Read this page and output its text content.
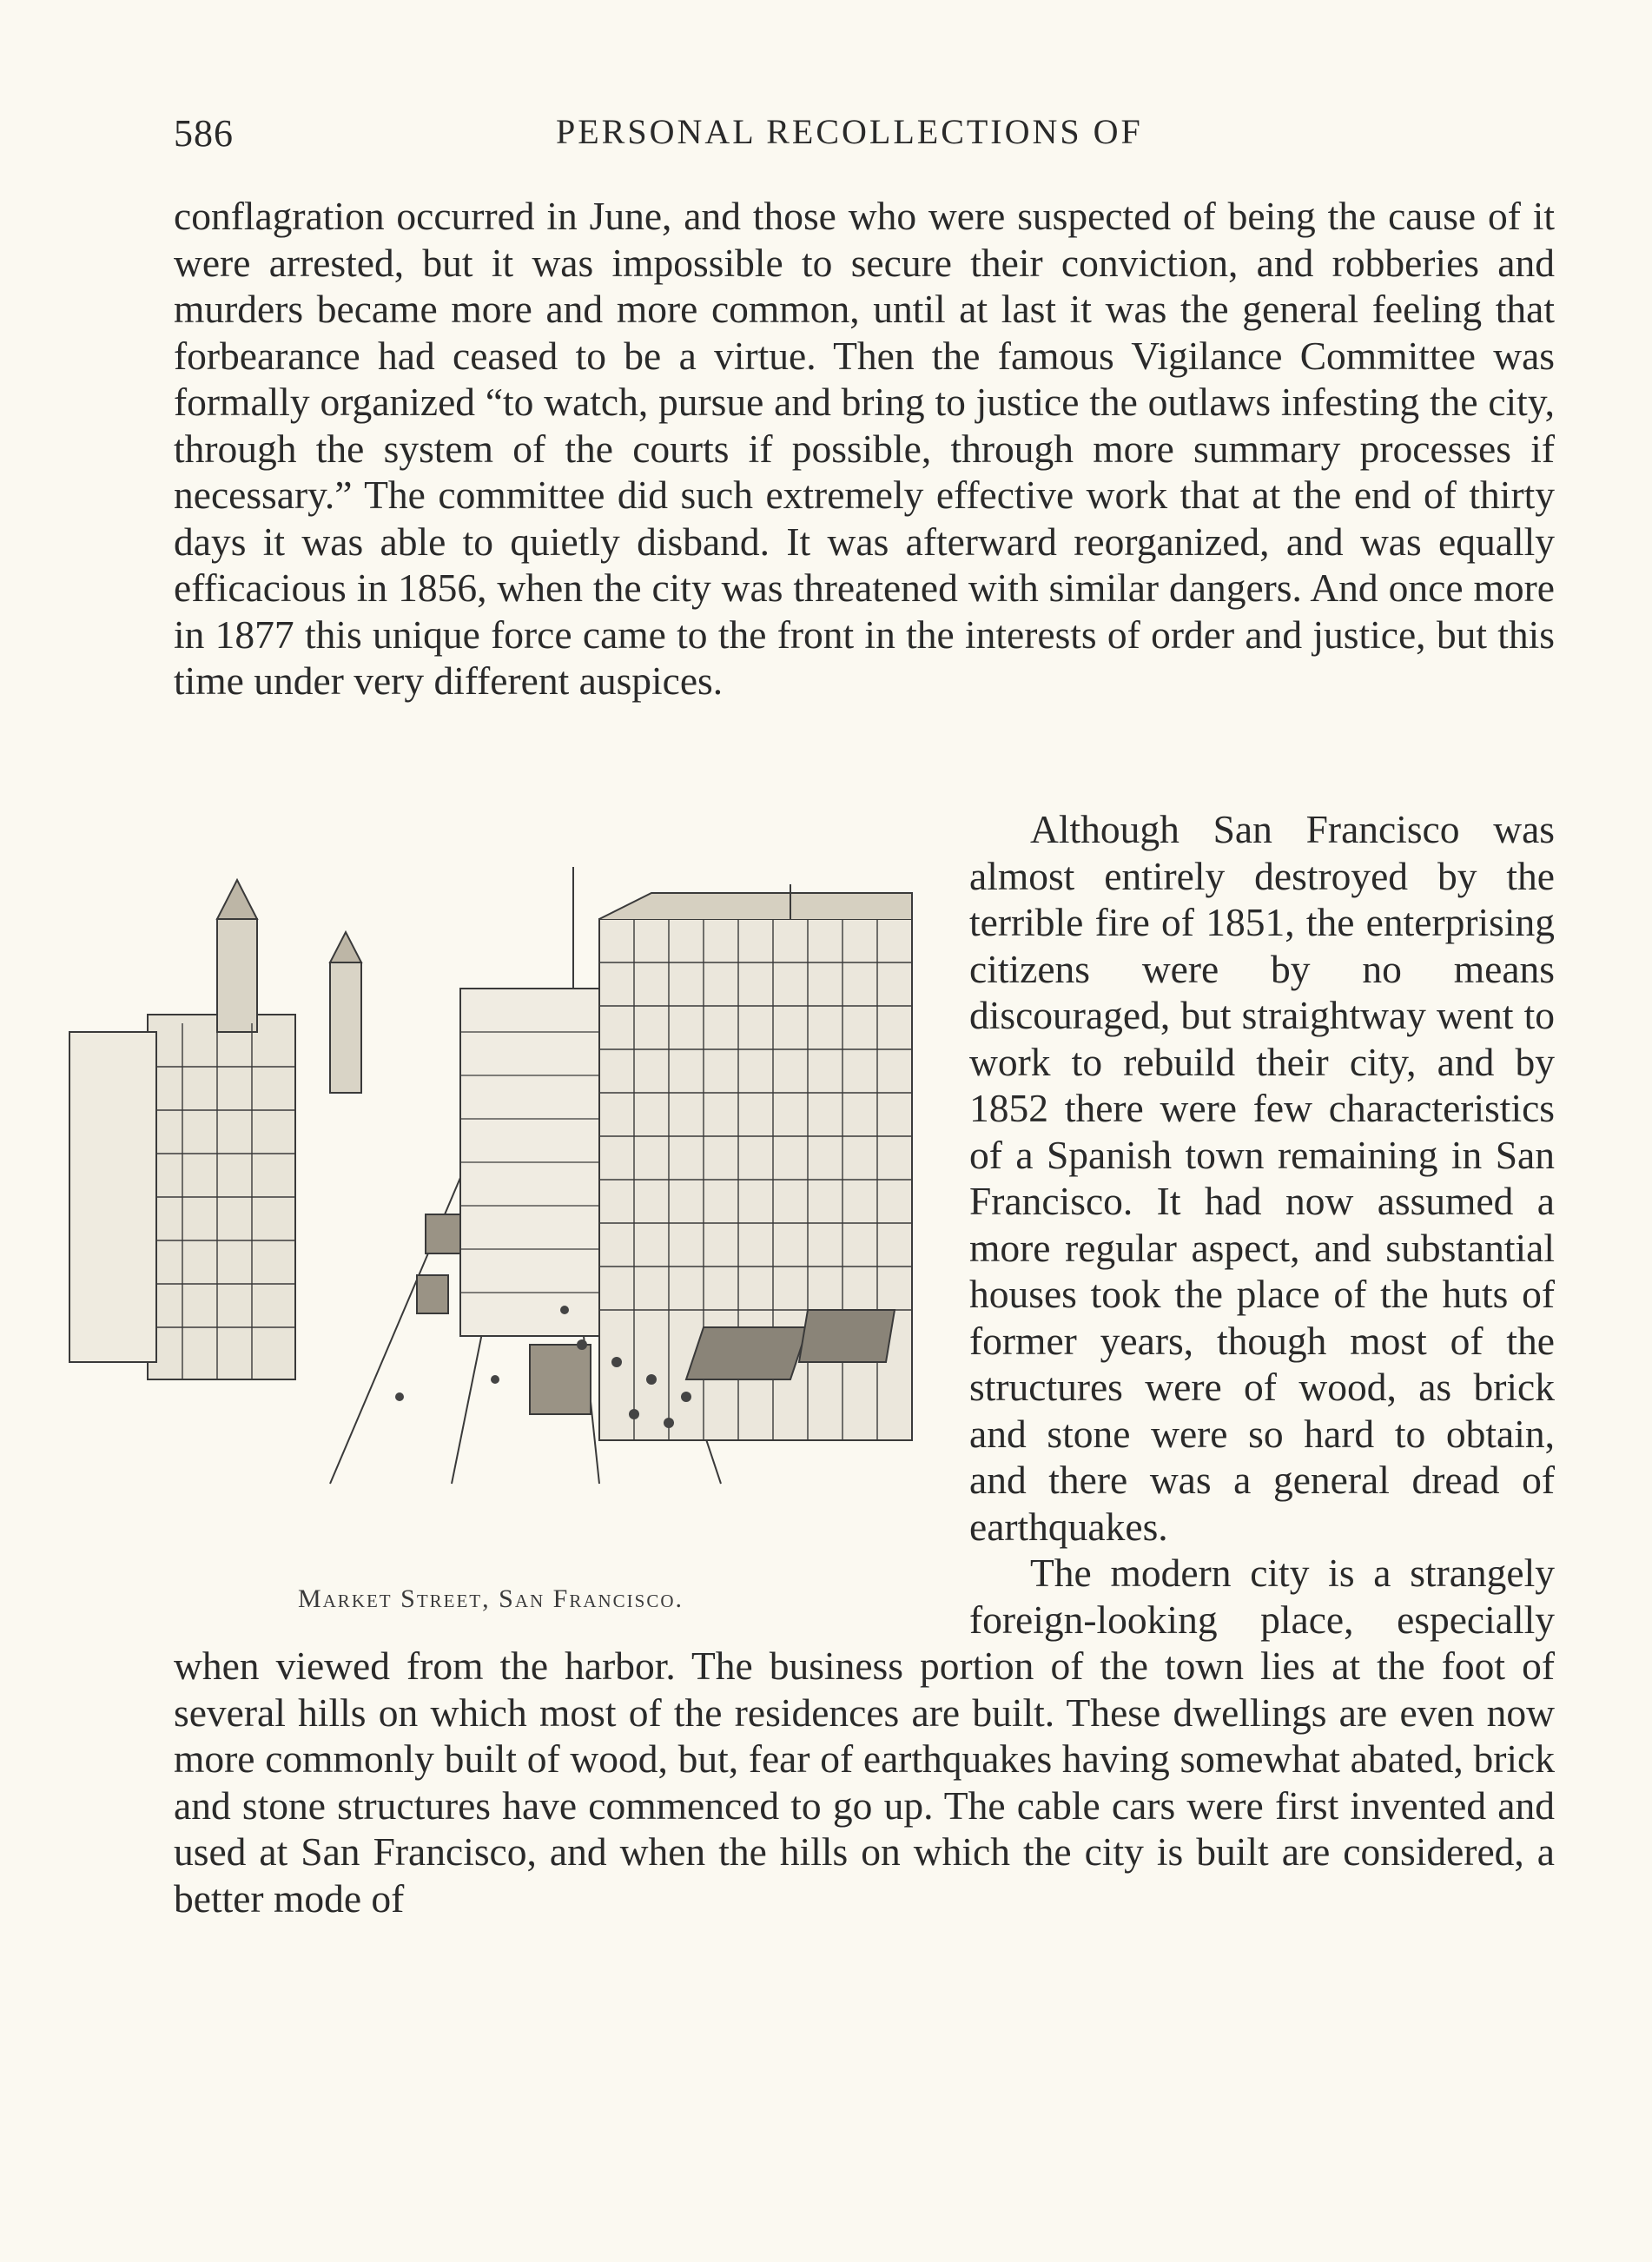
586	PERSONAL RECOLLECTIONS OF

conflagration occurred in June, and those who were suspected of being the cause of it were arrested, but it was impossible to secure their conviction, and robberies and murders became more and more common, until at last it was the general feeling that forbearance had ceased to be a virtue. Then the famous Vigilance Committee was formally organized “to watch, pursue and bring to justice the outlaws infesting the city, through the system of the courts if possible, through more summary processes if necessary.” The committee did such extremely effective work that at the end of thirty days it was able to quietly disband. It was afterward reorganized, and was equally efficacious in 1856, when the city was threatened with similar dangers. And once more in 1877 this unique force came to the front in the interests of order and justice, but this time under very different auspices.

Market Street, San Francisco.

Although San Francisco was almost entirely destroyed by the terrible fire of 1851, the enterprising citizens were by no means discouraged, but straightway went to work to rebuild their city, and by 1852 there were few characteristics of a Spanish town remaining in San Francisco. It had now assumed a more regular aspect, and substantial houses took the place of the huts of former years, though most of the structures were of wood, as brick and stone were so hard to obtain, and there was a general dread of earthquakes.

The modern city is a strangely foreign-looking place, especially when viewed from the harbor. The business portion of the town lies at the foot of several hills on which most of the residences are built. These dwellings are even now more commonly built of wood, but, fear of earthquakes having somewhat abated, brick and stone structures have commenced to go up. The cable cars were first invented and used at San Francisco, and when the hills on which the city is built are considered, a better mode of
